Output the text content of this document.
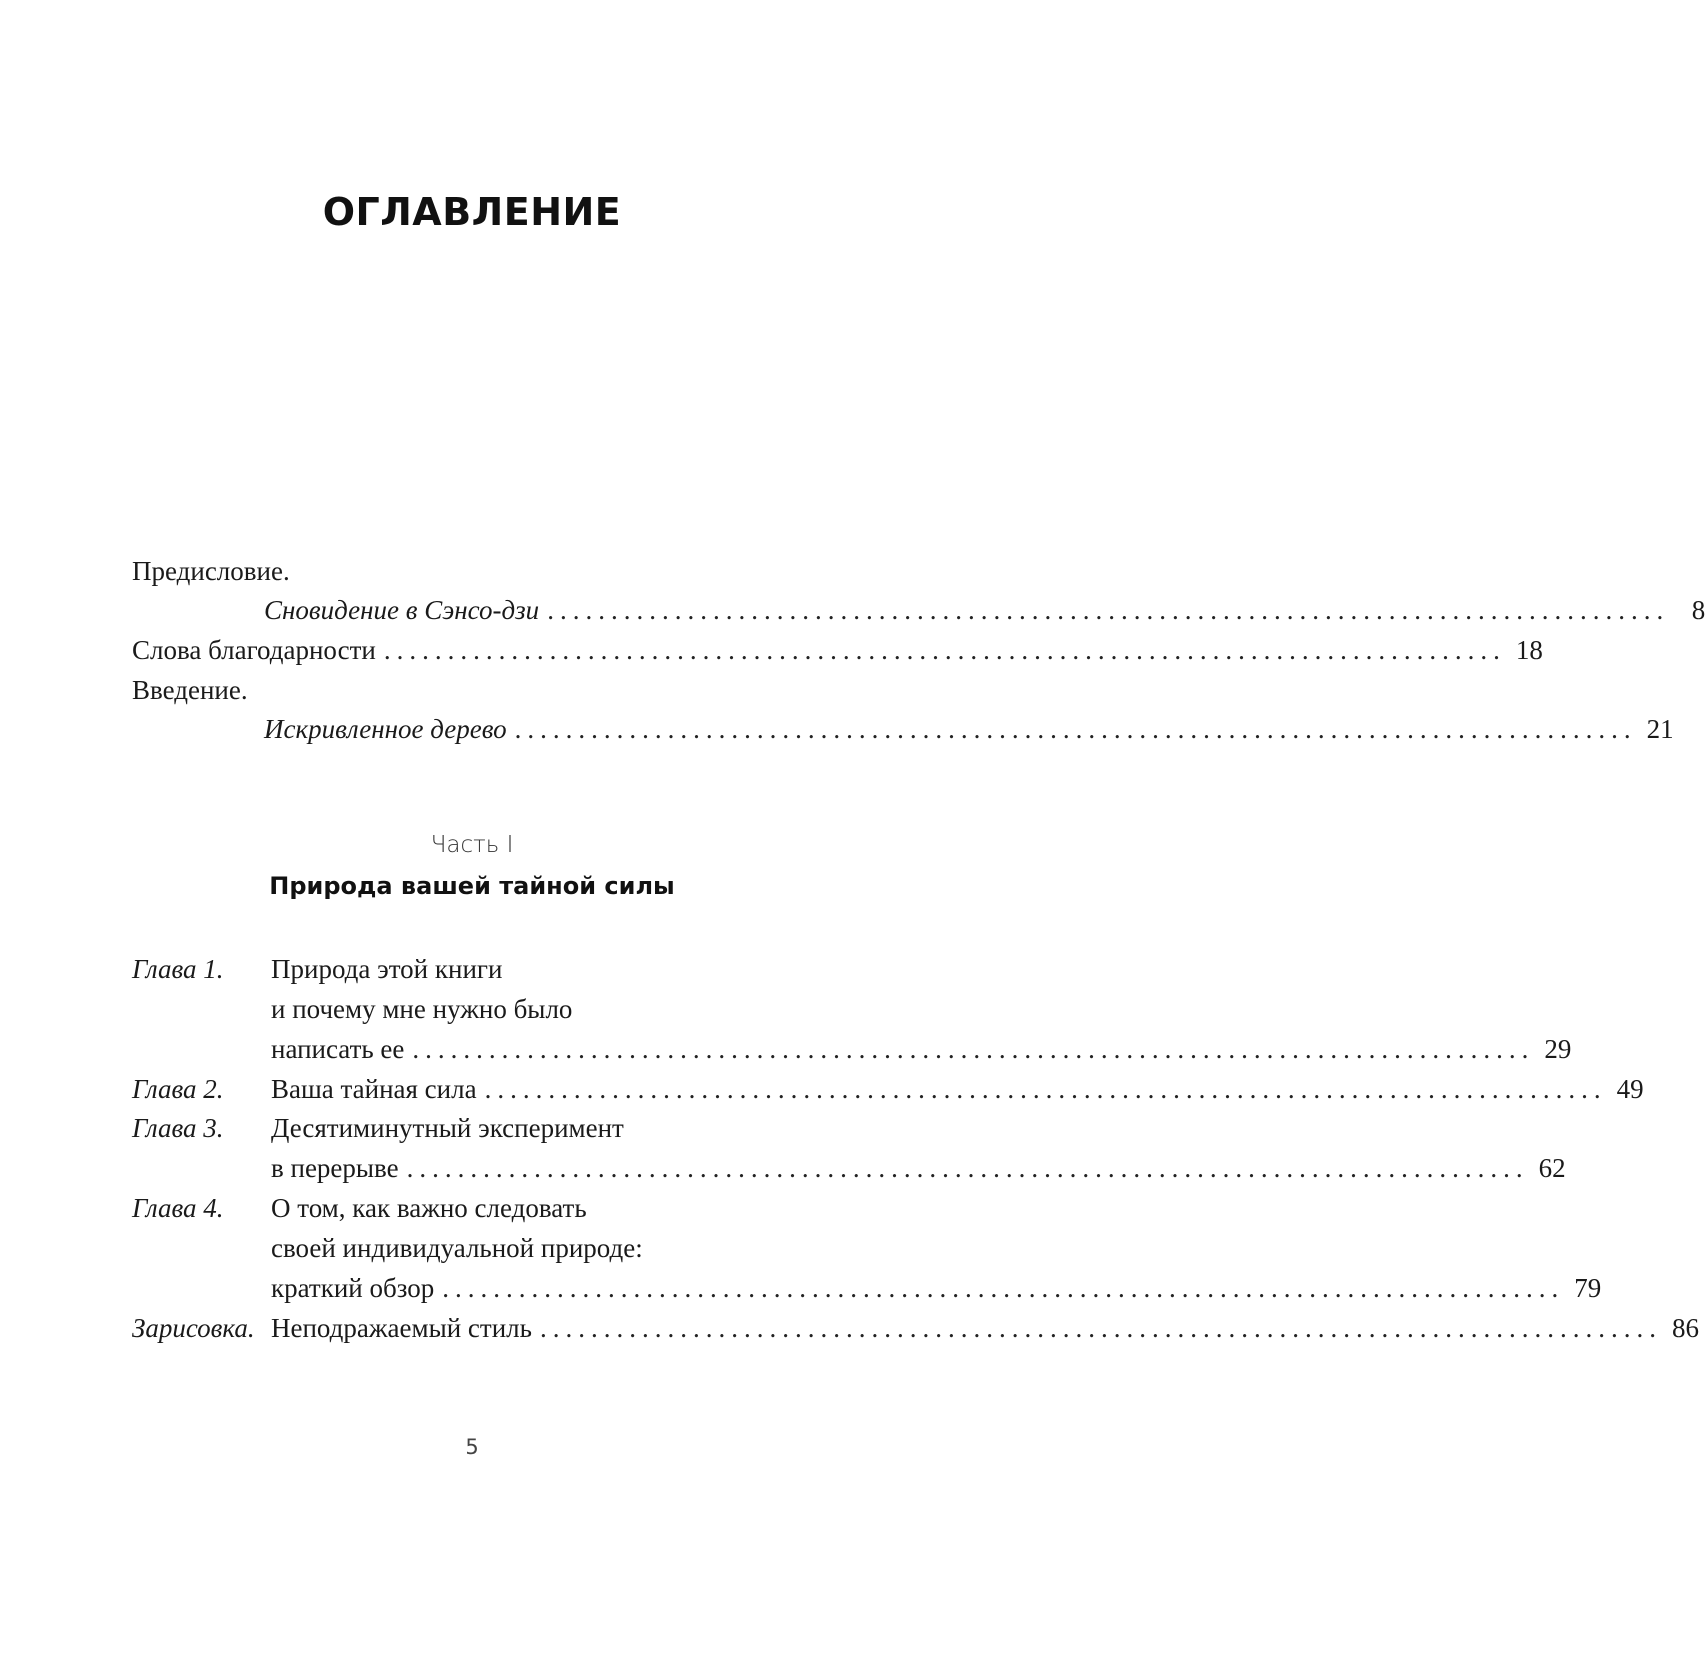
ОГЛАВЛЕНИЕ
Предисловие.
Сновидение в Сэнсо-дзи ........................................................................................ 8
Слова благодарности ........................................................................................ 18
Введение.
Искривленное дерево ........................................................................................ 21
Часть I
Природа вашей тайной силы
Глава 1. Природа этой книги
и почему мне нужно было
написать ее ........................................................................................ 29
Глава 2. Ваша тайная сила ........................................................................................ 49
Глава 3. Десятиминутный эксперимент
в перерыве ........................................................................................ 62
Глава 4. О том, как важно следовать
своей индивидуальной природе:
краткий обзор ........................................................................................ 79
Зарисовка. Неподражаемый стиль ........................................................................................ 86
5
